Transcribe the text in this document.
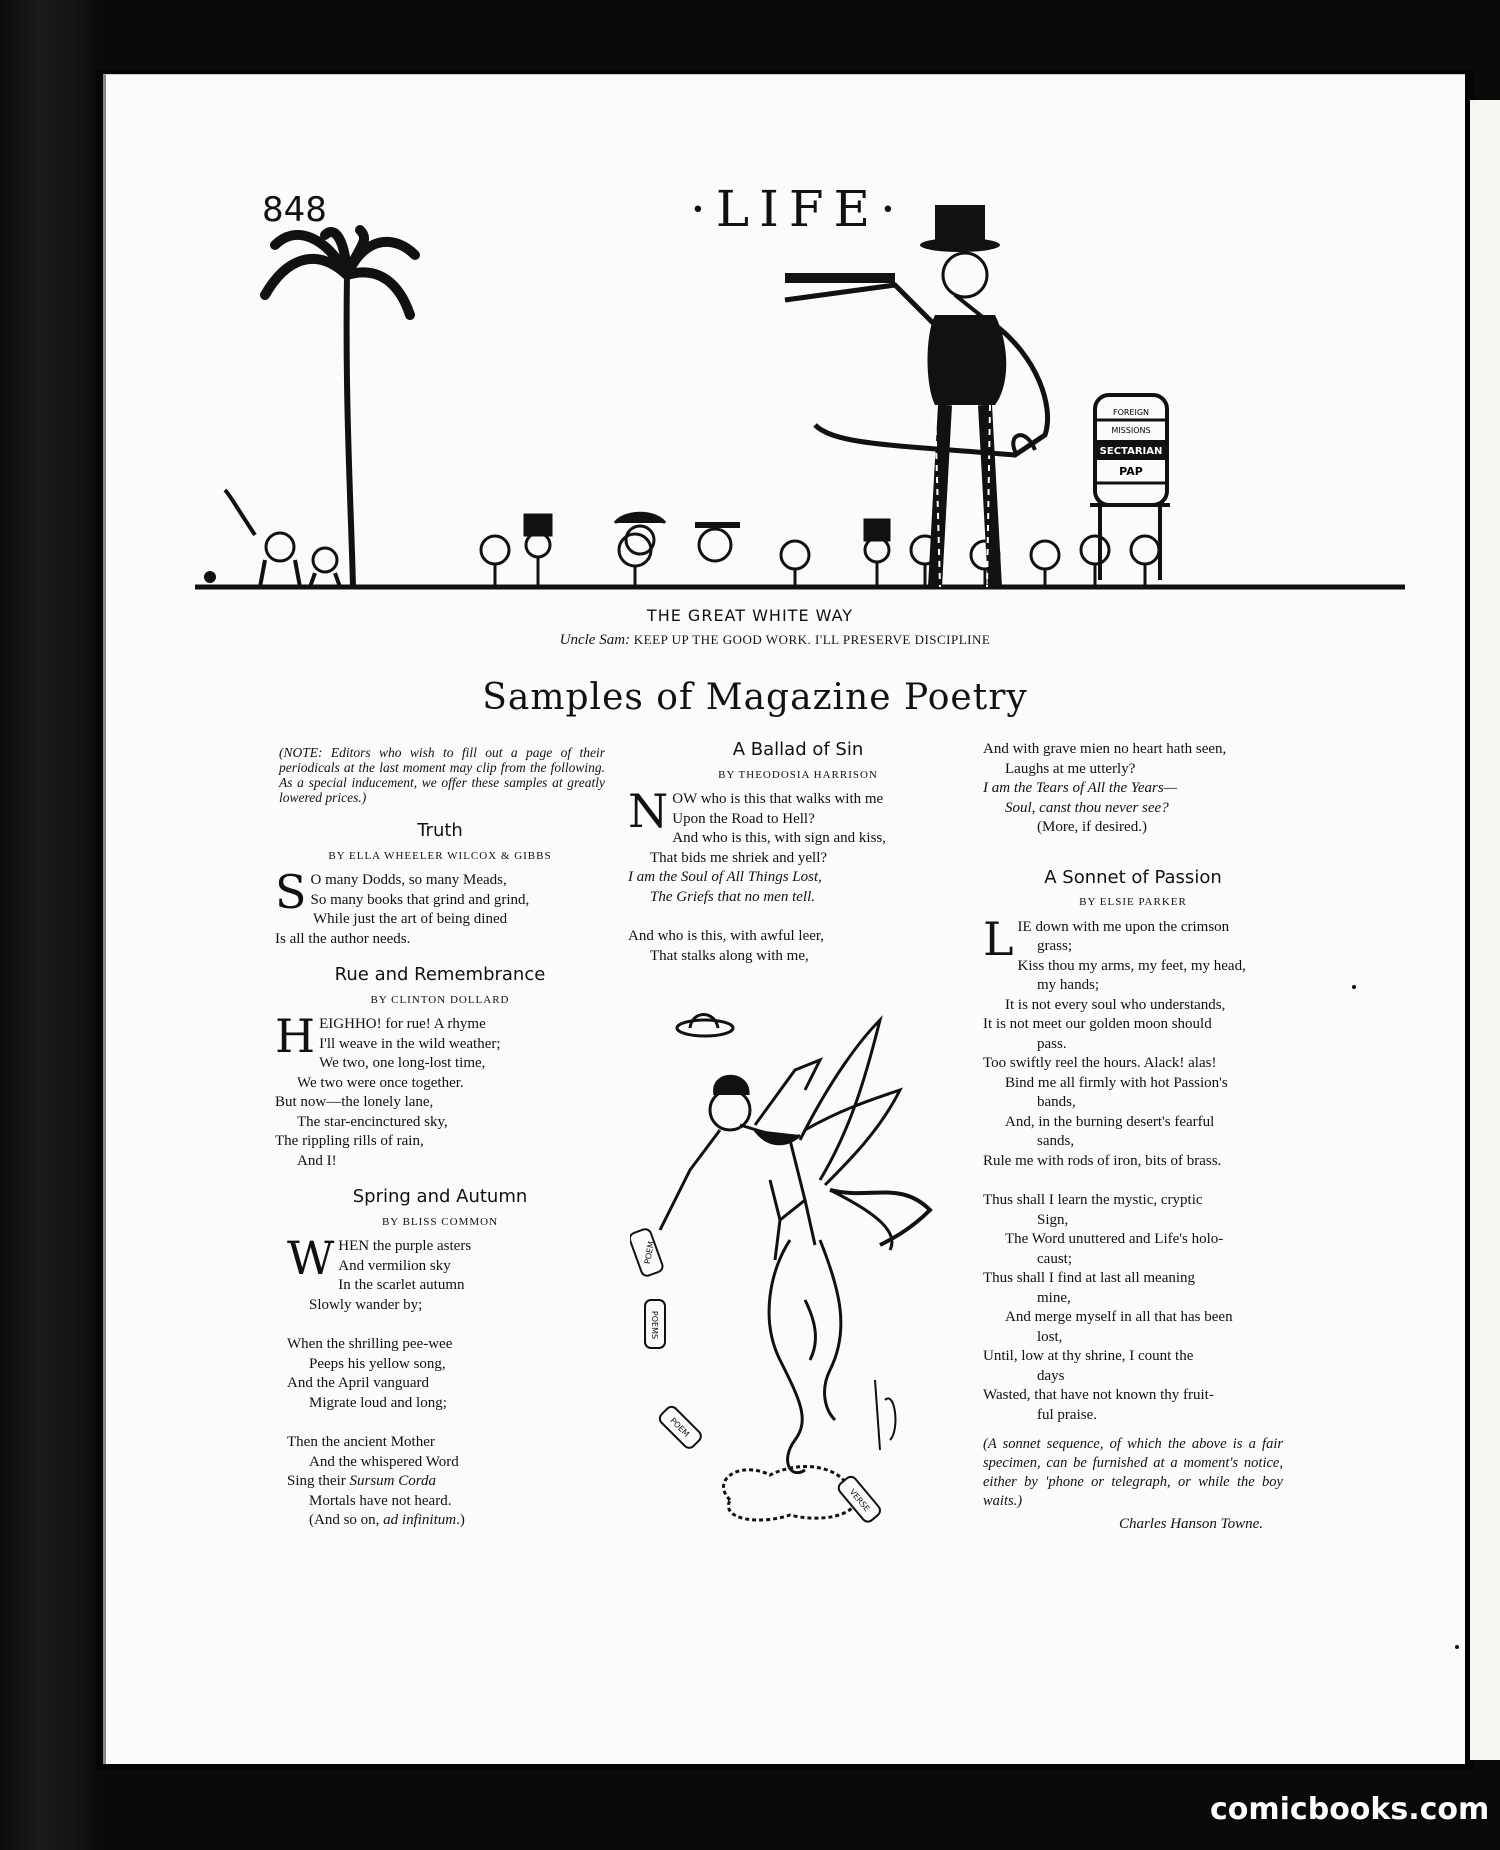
848	·LIFE·
FOREIGN
MISSIONS
SECTARIAN
PAP
THE GREAT WHITE WAY
Uncle Sam: KEEP UP THE GOOD WORK. I'LL PRESERVE DISCIPLINE
Samples of Magazine Poetry
(NOTE: Editors who wish to fill out a page of their periodicals at the last moment may clip from the following. As a special inducement, we offer these samples at greatly lowered prices.)
Truth
BY ELLA WHEELER WILCOX & GIBBS
S O many Dodds, so many Meads,
So many books that grind and grind,
While just the art of being dined
Is all the author needs.
Rue and Remembrance
BY CLINTON DOLLARD
H EIGHHO! for rue! A rhyme
I'll weave in the wild weather;
We two, one long-lost time,
We two were once together.
But now—the lonely lane,
The star-encinctured sky,
The rippling rills of rain,
And I!
Spring and Autumn
BY BLISS COMMON
W HEN the purple asters
And vermilion sky
In the scarlet autumn
Slowly wander by;
When the shrilling pee-wee
Peeps his yellow song,
And the April vanguard
Migrate loud and long;
Then the ancient Mother
And the whispered Word
Sing their Sursum Corda
Mortals have not heard.
(And so on, ad infinitum.)
A Ballad of Sin
BY THEODOSIA HARRISON
N OW who is this that walks with me
Upon the Road to Hell?
And who is this, with sign and kiss,
That bids me shriek and yell?
I am the Soul of All Things Lost,
The Griefs that no men tell.
And who is this, with awful leer,
That stalks along with me,
POEM
POEMS
POEM
VERSE
And with grave mien no heart hath seen,
Laughs at me utterly?
I am the Tears of All the Years—
Soul, canst thou never see?
(More, if desired.)
A Sonnet of Passion
BY ELSIE PARKER
L IE down with me upon the crimson
grass;
Kiss thou my arms, my feet, my head,
my hands;
It is not every soul who understands,
It is not meet our golden moon should
pass.
Too swiftly reel the hours. Alack! alas!
Bind me all firmly with hot Passion's
bands,
And, in the burning desert's fearful
sands,
Rule me with rods of iron, bits of brass.
Thus shall I learn the mystic, cryptic
Sign,
The Word unuttered and Life's holo-
caust;
Thus shall I find at last all meaning
mine,
And merge myself in all that has been
lost,
Until, low at thy shrine, I count the
days
Wasted, that have not known thy fruit-
ful praise.
(A sonnet sequence, of which the above is a fair specimen, can be furnished at a moment's notice, either by 'phone or telegraph, or while the boy waits.)
Charles Hanson Towne.
comicbooks.com
